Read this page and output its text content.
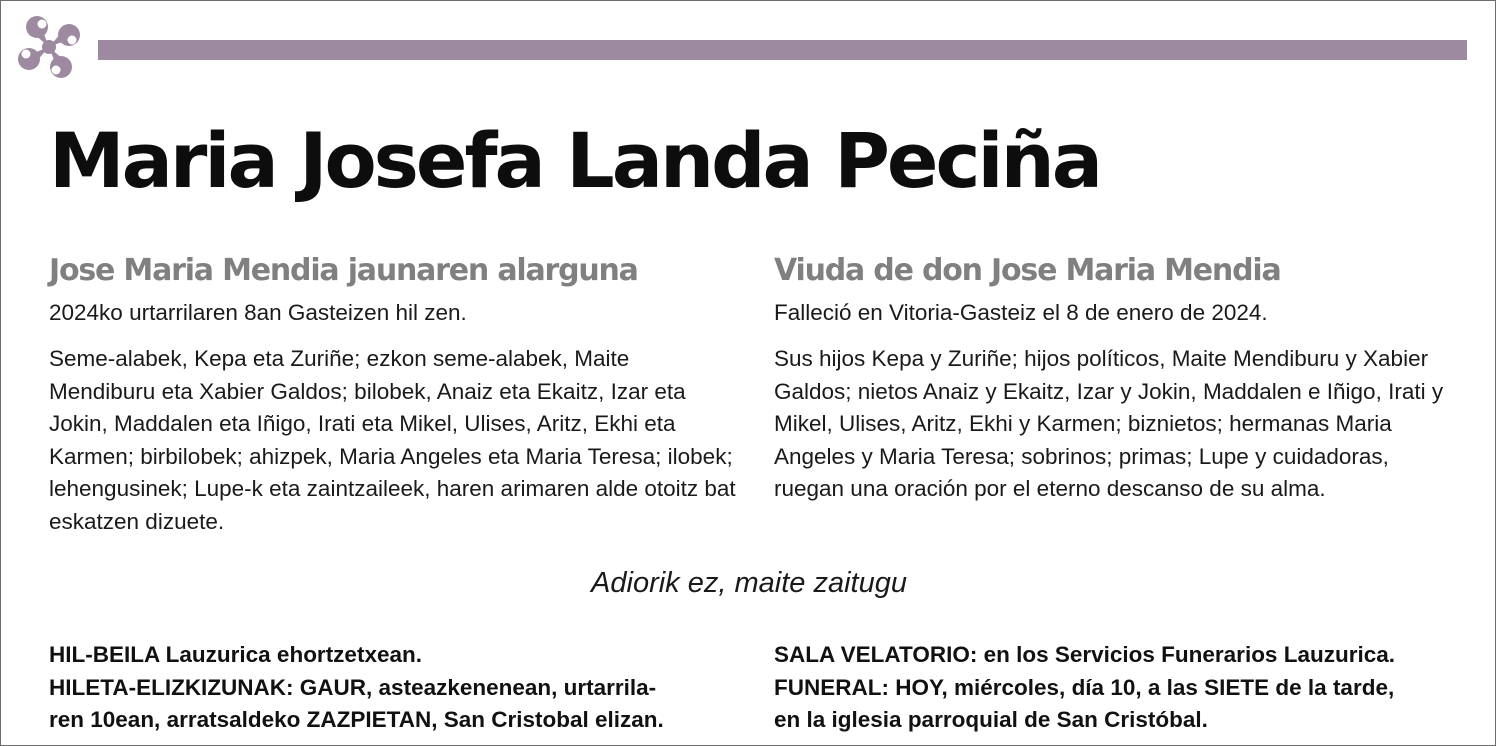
Maria Josefa Landa Peciña
Jose Maria Mendia jaunaren alarguna

2024ko urtarrilaren 8an Gasteizen hil zen.

Seme-alabek, Kepa eta Zuriñe; ezkon seme-alabek, Maite Mendiburu eta Xabier Galdos; bilobek, Anaiz eta Ekaitz, Izar eta Jokin, Maddalen eta Iñigo, Irati eta Mikel, Ulises, Aritz, Ekhi eta Karmen; birbilobek; ahizpek, Maria Angeles eta Maria Teresa; ilobek; lehengusinek; Lupe-k eta zaintzaileek, haren arimaren alde otoitz bat eskatzen dizuete.

Viuda de don Jose Maria Mendia

Falleció en Vitoria-Gasteiz el 8 de enero de 2024.

Sus hijos Kepa y Zuriñe; hijos políticos, Maite Mendiburu y Xabier Galdos; nietos Anaiz y Ekaitz, Izar y Jokin, Maddalen e Iñigo, Irati y Mikel, Ulises, Aritz, Ekhi y Karmen; biznietos; hermanas Maria Angeles y Maria Teresa; sobrinos; primas; Lupe y cuidadoras, ruegan una oración por el eterno descanso de su alma.

Adiorik ez, maite zaitugu

HIL-BEILA Lauzurica ehortzetxean.

HILETA-ELIZKIZUNAK: GAUR, asteazkenenean, urtarrila-

ren 10ean, arratsaldeko ZAZPIETAN, San Cristobal elizan.

SALA VELATORIO: en los Servicios Funerarios Lauzurica.

FUNERAL: HOY, miércoles, día 10, a las SIETE de la tarde,

en la iglesia parroquial de San Cristóbal.
